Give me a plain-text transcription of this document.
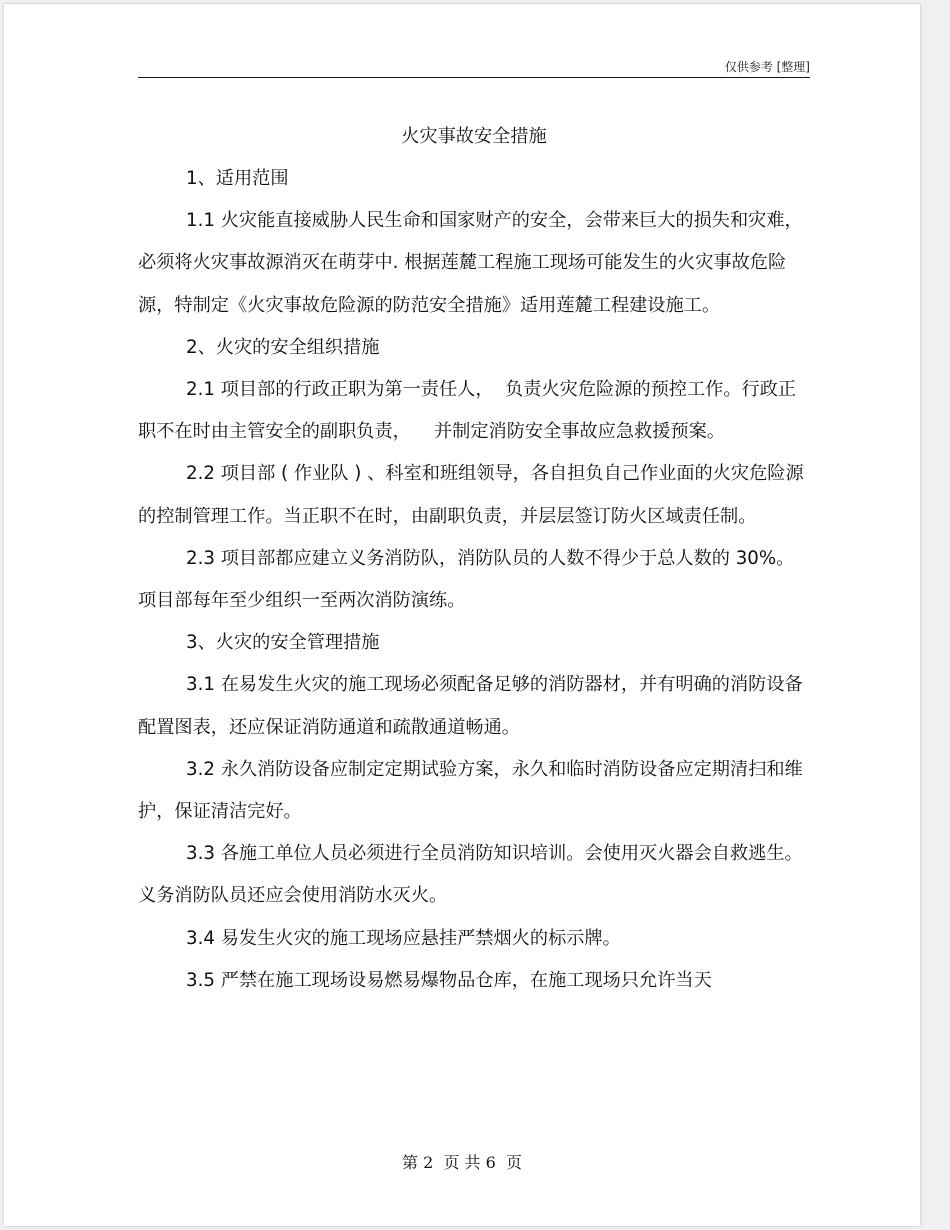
仅供参考 [整理]

火灾事故安全措施

1、适用范围

1.1 火灾能直接威胁人民生命和国家财产的安全，会带来巨大的损失和灾难，必须将火灾事故源消灭在萌芽中. 根据莲麓工程施工现场可能发生的火灾事故危险源，特制定《火灾事故危险源的防范安全措施》适用莲麓工程建设施工。

2、火灾的安全组织措施

2.1 项目部的行政正职为第一责任人，  负责火灾危险源的预控工作。行政正职不在时由主管安全的副职负责，    并制定消防安全事故应急救援预案。

2.2 项目部 ( 作业队 ) 、科室和班组领导，各自担负自己作业面的火灾危险源的控制管理工作。当正职不在时，由副职负责，并层层签订防火区域责任制。

2.3 项目部都应建立义务消防队，消防队员的人数不得少于总人数的 30%。项目部每年至少组织一至两次消防演练。

3、火灾的安全管理措施

3.1 在易发生火灾的施工现场必须配备足够的消防器材，并有明确的消防设备配置图表，还应保证消防通道和疏散通道畅通。

3.2 永久消防设备应制定定期试验方案，永久和临时消防设备应定期清扫和维护，保证清洁完好。

3.3 各施工单位人员必须进行全员消防知识培训。会使用灭火器会自救逃生。义务消防队员还应会使用消防水灭火。

3.4 易发生火灾的施工现场应悬挂严禁烟火的标示牌。

3.5 严禁在施工现场设易燃易爆物品仓库，在施工现场只允许当天

第 2  页 共 6  页
